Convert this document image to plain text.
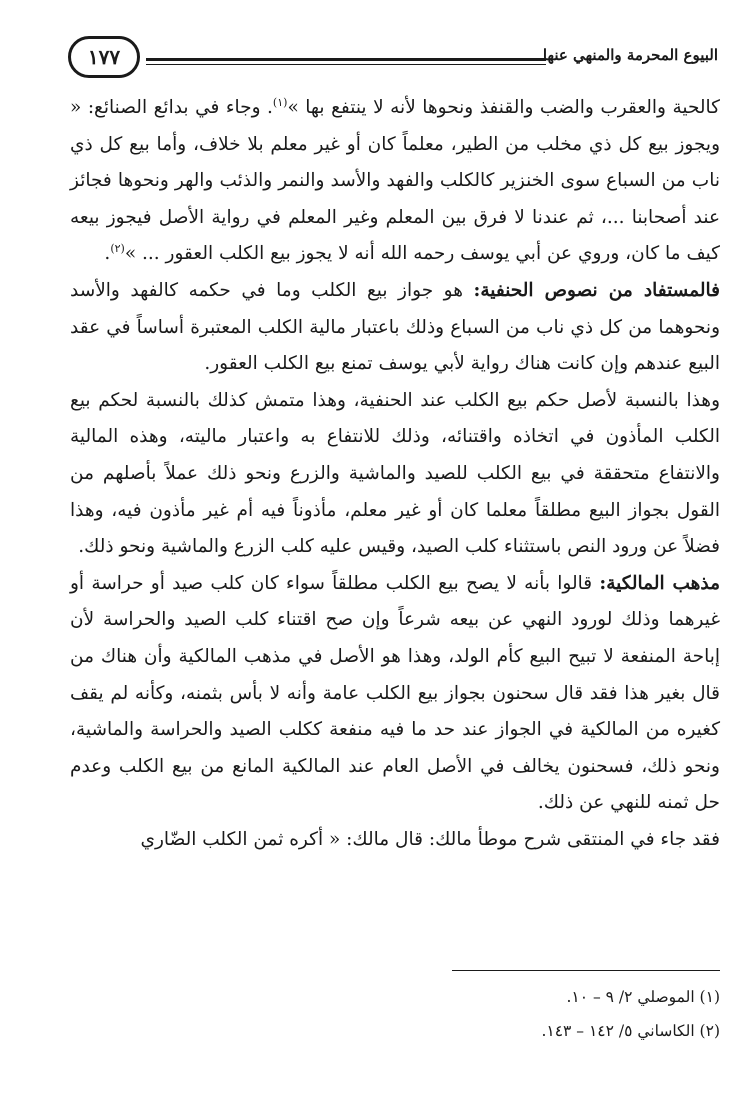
١٧٧	البيوع المحرمة والمنهي عنها

كالحية والعقرب والضب والقنفذ ونحوها لأنه لا ينتفع بها »$^{(١)}$. وجاء في بدائع الصنائع: « ويجوز بيع كل ذي مخلب من الطير، معلماً كان أو غير معلم بلا خلاف، وأما بيع كل ذي ناب من السباع سوى الخنزير كالكلب والفهد والأسد والنمر والذئب والهر ونحوها فجائز عند أصحابنا ...، ثم عندنا لا فرق بين المعلم وغير المعلم في رواية الأصل فيجوز بيعه كيف ما كان، وروي عن أبي يوسف رحمه الله أنه لا يجوز بيع الكلب العقور ... »$^{(٢)}$.

فالمستفاد من نصوص الحنفية: هو جواز بيع الكلب وما في حكمه كالفهد والأسد ونحوهما من كل ذي ناب من السباع وذلك باعتبار مالية الكلب المعتبرة أساساً في عقد البيع عندهم وإن كانت هناك رواية لأبي يوسف تمنع بيع الكلب العقور.

وهذا بالنسبة لأصل حكم بيع الكلب عند الحنفية، وهذا متمش كذلك بالنسبة لحكم بيع الكلب المأذون في اتخاذه واقتنائه، وذلك للانتفاع به واعتبار ماليته، وهذه المالية والانتفاع متحققة في بيع الكلب للصيد والماشية والزرع ونحو ذلك عملاً بأصلهم من القول بجواز البيع مطلقاً معلما كان أو غير معلم، مأذوناً فيه أم غير مأذون فيه، وهذا فضلاً عن ورود النص باستثناء كلب الصيد، وقيس عليه كلب الزرع والماشية ونحو ذلك.

مذهب المالكية: قالوا بأنه لا يصح بيع الكلب مطلقاً سواء كان كلب صيد أو حراسة أو غيرهما وذلك لورود النهي عن بيعه شرعاً وإن صح اقتناء كلب الصيد والحراسة لأن إباحة المنفعة لا تبيح البيع كأم الولد، وهذا هو الأصل في مذهب المالكية وأن هناك من قال بغير هذا فقد قال سحنون بجواز بيع الكلب عامة وأنه لا بأس بثمنه، وكأنه لم يقف كغيره من المالكية في الجواز عند حد ما فيه منفعة ككلب الصيد والحراسة والماشية، ونحو ذلك، فسحنون يخالف في الأصل العام عند المالكية المانع من بيع الكلب وعدم حل ثمنه للنهي عن ذلك.

فقد جاء في المنتقى شرح موطأ مالك: قال مالك: « أكره ثمن الكلب الضّاري

(١) الموصلي ٢/ ٩ – ١٠.
(٢) الكاساني ٥/ ١٤٢ – ١٤٣.
